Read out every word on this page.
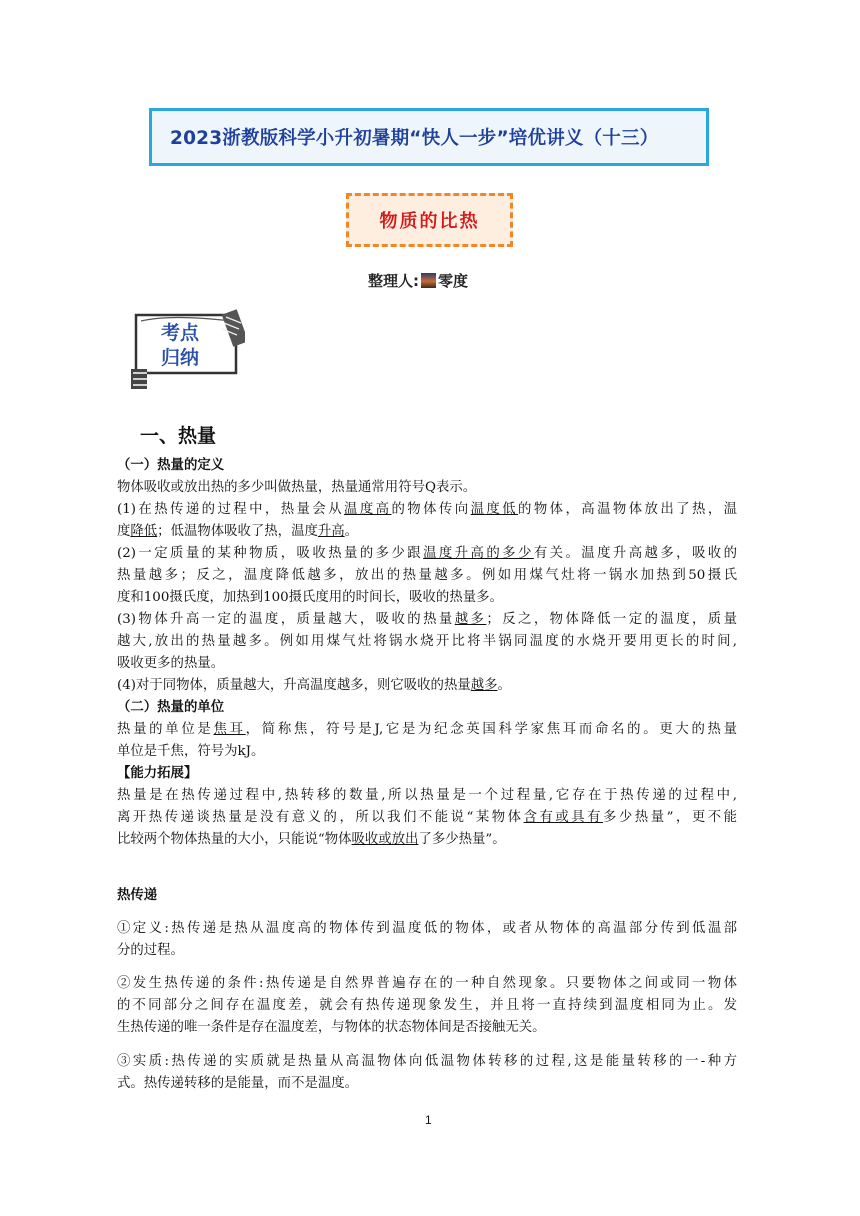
2023浙教版科学小升初暑期“快人一步”培优讲义（十三）
物质的比热
整理人: 零度
考点
归纳
一、热量
（一）热量的定义
物体吸收或放出热的多少叫做热量，热量通常用符号Q表示。
(1)在热传递的过程中，热量会从温度高的物体传向温度低的物体，高温物体放出了热，温
度降低；低温物体吸收了热，温度升高。
(2)一定质量的某种物质，吸收热量的多少跟温度升高的多少有关。温度升高越多，吸收的
热量越多；反之，温度降低越多，放出的热量越多。例如用煤气灶将一锅水加热到50摄氏
度和100摄氏度，加热到100摄氏度用的时间长，吸收的热量多。
(3)物体升高一定的温度，质量越大，吸收的热量越多；反之，物体降低一定的温度，质量
越大,放出的热量越多。例如用煤气灶将锅水烧开比将半锅同温度的水烧开要用更长的时间,
吸收更多的热量。
(4)对于同物体，质量越大，升高温度越多，则它吸收的热量越多。
（二）热量的单位
热量的单位是焦耳，简称焦，符号是J,它是为纪念英国科学家焦耳而命名的。更大的热量
单位是千焦，符号为kJ。
【能力拓展】
热量是在热传递过程中,热转移的数量,所以热量是一个过程量,它存在于热传递的过程中,
离开热传递谈热量是没有意义的，所以我们不能说“某物体含有或具有多少热量”，更不能
比较两个物体热量的大小，只能说“物体吸收或放出了多少热量”。
热传递
①定义:热传递是热从温度高的物体传到温度低的物体，或者从物体的高温部分传到低温部
分的过程。
②发生热传递的条件:热传递是自然界普遍存在的一种自然现象。只要物体之间或同一物体
的不同部分之间存在温度差，就会有热传递现象发生，并且将一直持续到温度相同为止。发
生热传递的唯一条件是存在温度差，与物体的状态物体间是否接触无关。
③实质:热传递的实质就是热量从高温物体向低温物体转移的过程,这是能量转移的一-种方
式。热传递转移的是能量，而不是温度。
1
